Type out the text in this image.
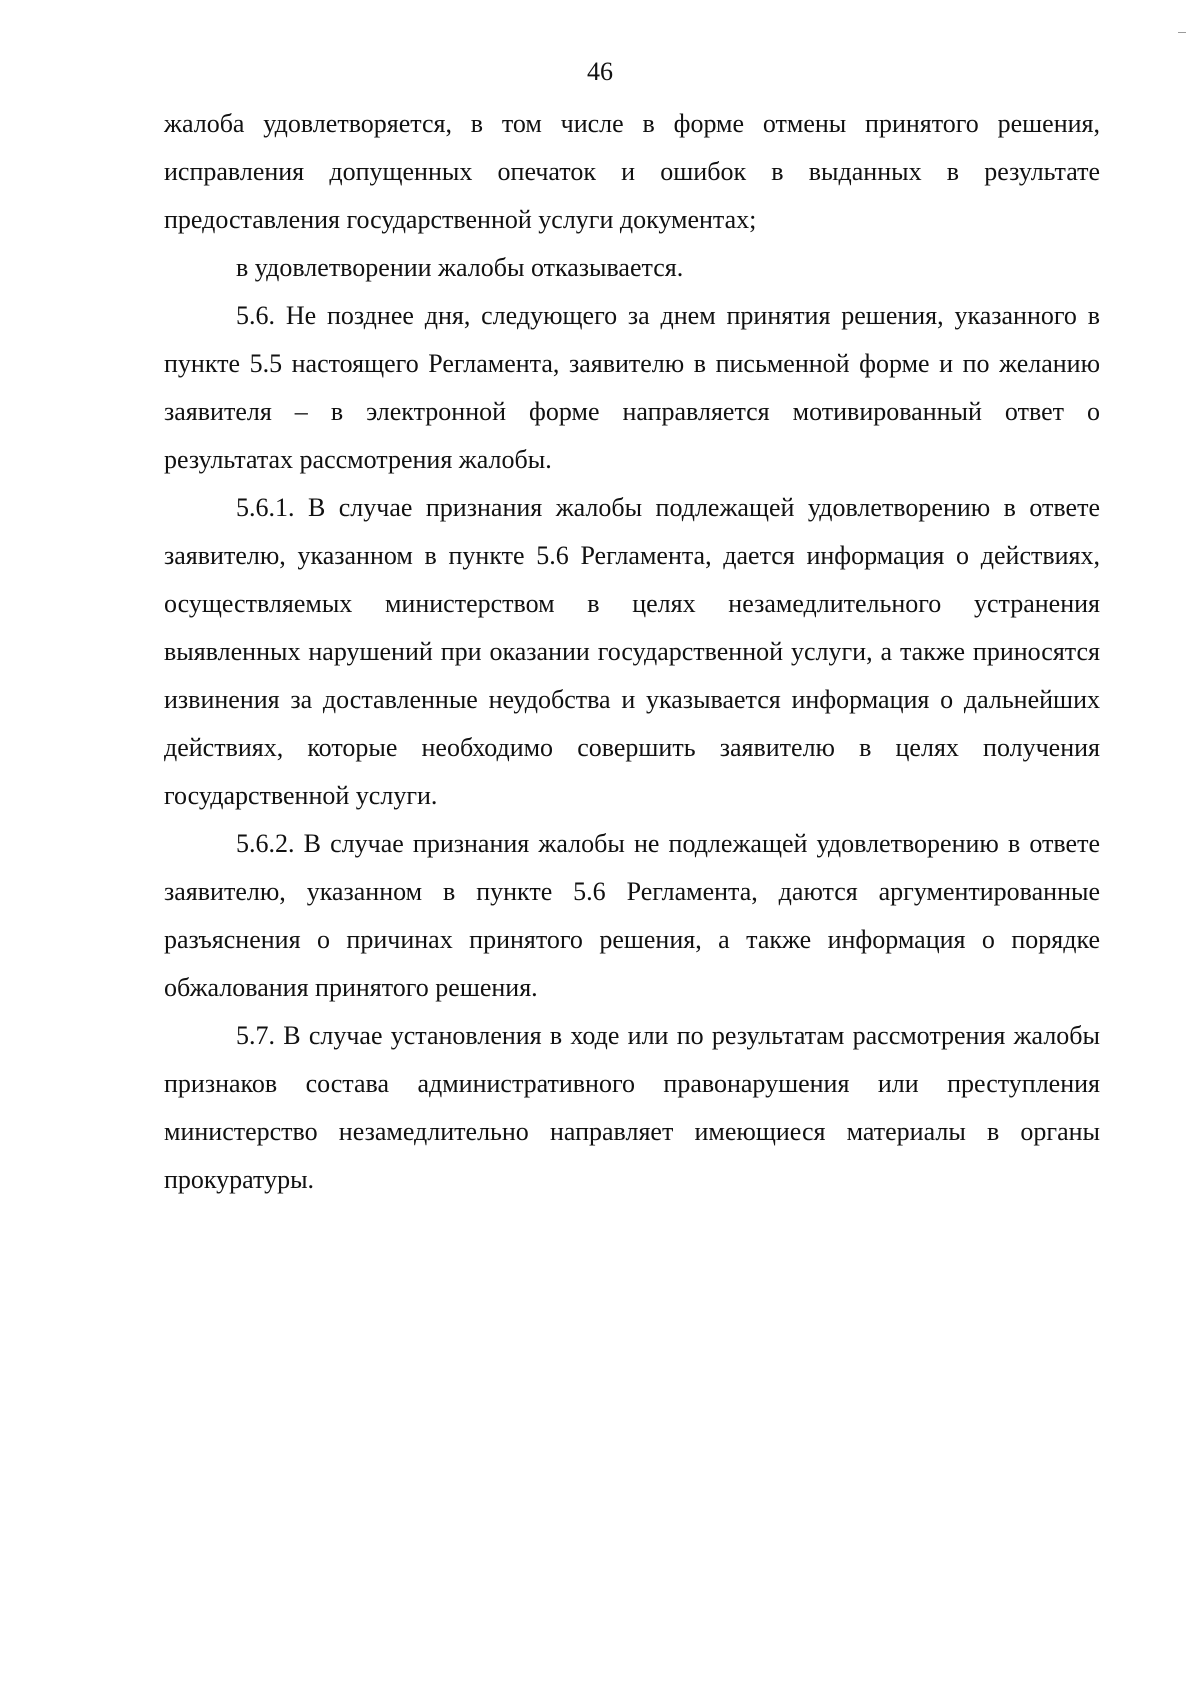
46

жалоба удовлетворяется, в том числе в форме отмены принятого решения, исправления допущенных опечаток и ошибок в выданных в результате предоставления государственной услуги документах;

в удовлетворении жалобы отказывается.

5.6. Не позднее дня, следующего за днем принятия решения, указанного в пункте 5.5 настоящего Регламента, заявителю в письменной форме и по желанию заявителя – в электронной форме направляется мотивированный ответ о результатах рассмотрения жалобы.

5.6.1. В случае признания жалобы подлежащей удовлетворению в ответе заявителю, указанном в пункте 5.6 Регламента, дается информация о действиях, осуществляемых министерством в целях незамедлительного устранения выявленных нарушений при оказании государственной услуги, а также приносятся извинения за доставленные неудобства и указывается информация о дальнейших действиях, которые необходимо совершить заявителю в целях получения государственной услуги.

5.6.2. В случае признания жалобы не подлежащей удовлетворению в ответе заявителю, указанном в пункте 5.6 Регламента, даются аргументированные разъяснения о причинах принятого решения, а также информация о порядке обжалования принятого решения.

5.7. В случае установления в ходе или по результатам рассмотрения жалобы признаков состава административного правонарушения или преступления министерство незамедлительно направляет имеющиеся материалы в органы прокуратуры.
